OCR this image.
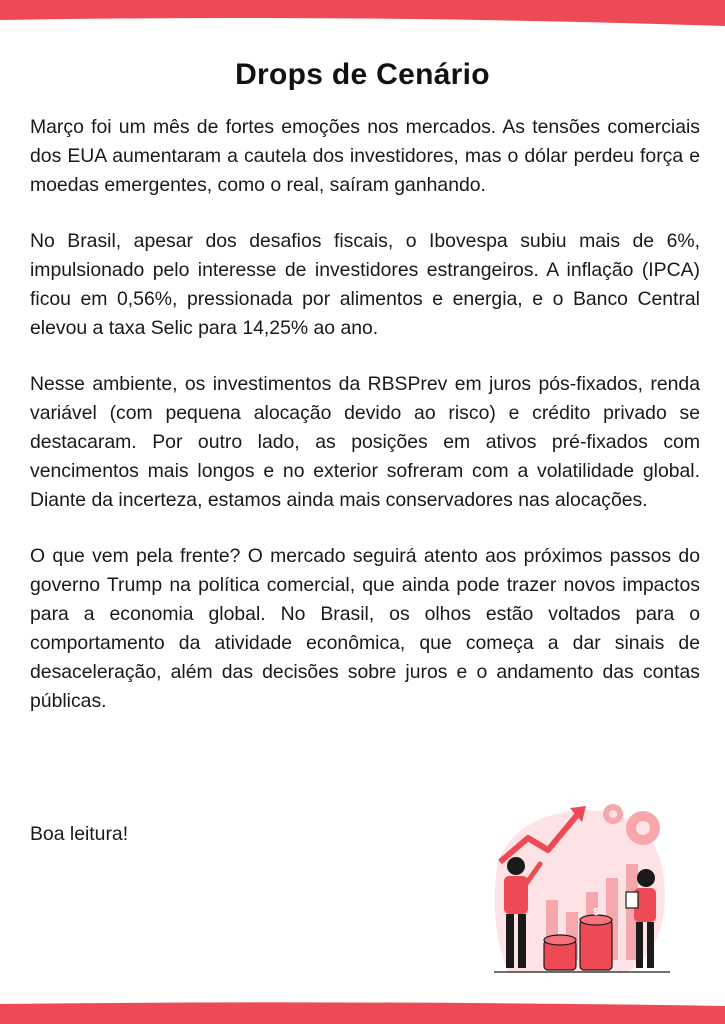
Drops de Cenário

Março foi um mês de fortes emoções nos mercados. As tensões comerciais dos EUA aumentaram a cautela dos investidores, mas o dólar perdeu força e moedas emergentes, como o real, saíram ganhando.

No Brasil, apesar dos desafios fiscais, o Ibovespa subiu mais de 6%, impulsionado pelo interesse de investidores estrangeiros. A inflação (IPCA) ficou em 0,56%, pressionada por alimentos e energia, e o Banco Central elevou a taxa Selic para 14,25% ao ano.

Nesse ambiente, os investimentos da RBSPrev em juros pós-fixados, renda variável (com pequena alocação devido ao risco) e crédito privado se destacaram. Por outro lado, as posições em ativos pré-fixados com vencimentos mais longos e no exterior sofreram com a volatilidade global. Diante da incerteza, estamos ainda mais conservadores nas alocações.

O que vem pela frente? O mercado seguirá atento aos próximos passos do governo Trump na política comercial, que ainda pode trazer novos impactos para a economia global. No Brasil, os olhos estão voltados para o comportamento da atividade econômica, que começa a dar sinais de desaceleração, além das decisões sobre juros e o andamento das contas públicas.

Boa leitura!
$
